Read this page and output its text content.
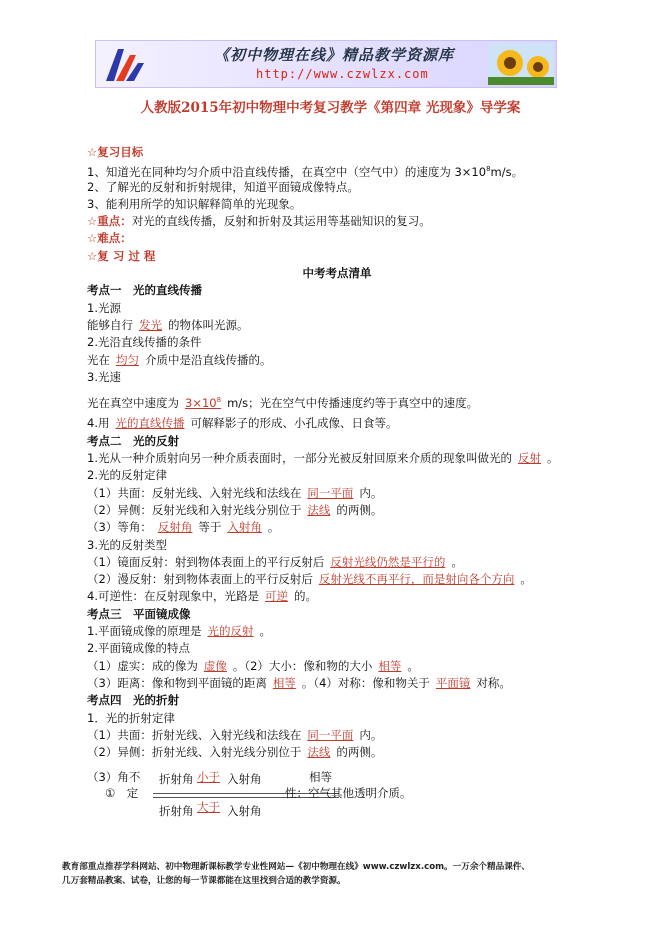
《初中物理在线》精品教学资源库
http://www.czwlzx.com
人教版2015年初中物理中考复习教学《第四章 光现象》导学案
☆复习目标
1、知道光在同种均匀介质中沿直线传播，在真空中（空气中）的速度为 $3\times 10^8m/s$。
2、了解光的反射和折射规律，知道平面镜成像特点。
3、能利用所学的知识解释简单的光现象。
☆重点：对光的直线传播，反射和折射及其运用等基础知识的复习。
☆难点：
☆复 习 过 程
中考考点清单
考点一　光的直线传播
1.光源
能够自行 发光 的物体叫光源。
2.光沿直线传播的条件
光在 均匀 介质中是沿直线传播的。
3.光速
光在真空中速度为 $3\times 10^8$ m/s；光在空气中传播速度约等于真空中的速度。
4.用 光的直线传播 可解释影子的形成、小孔成像、日食等。
考点二　光的反射
1.光从一种介质射向另一种介质表面时，一部分光被反射回原来介质的现象叫做光的 反射 。
2.光的反射定律
（1）共面：反射光线、入射光线和法线在 同一平面 内。
（2）异侧：反射光线和入射光线分别位于 法线 的两侧。
（3）等角： 反射角 等于 入射角 。
3.光的反射类型
（1）镜面反射：射到物体表面上的平行反射后 反射光线仍然是平行的 。
（2）漫反射：射到物体表面上的平行反射后 反射光线不再平行，而是射向各个方向 。
4.可逆性：在反射现象中，光路是 可逆 的。
考点三　平面镜成像
1.平面镜成像的原理是 光的反射 。
2.平面镜成像的特点
（1）虚实：成的像为 虚像 。（2）大小：像和物的大小 相等 。
（3）距离：像和物到平面镜的距离 相等 。（4）对称：像和物关于 平面镜 对称。
考点四　光的折射
1．光的折射定律
（1）共面：折射光线、入射光线和法线在 同一平面 内。
（2）异侧：折射光线、入射光线分别位于 法线 的两侧。
（3）角不 折射角 小于 入射角	相等
①　定
折射角 大于 入射角
性：空气其他透明介质。
教育部重点推荐学科网站、初中物理新课标教学专业性网站—《初中物理在线》www.czwlzx.com。一万余个精品课件、
几万套精品教案、试卷，让您的每一节课都能在这里找到合适的教学资源。
